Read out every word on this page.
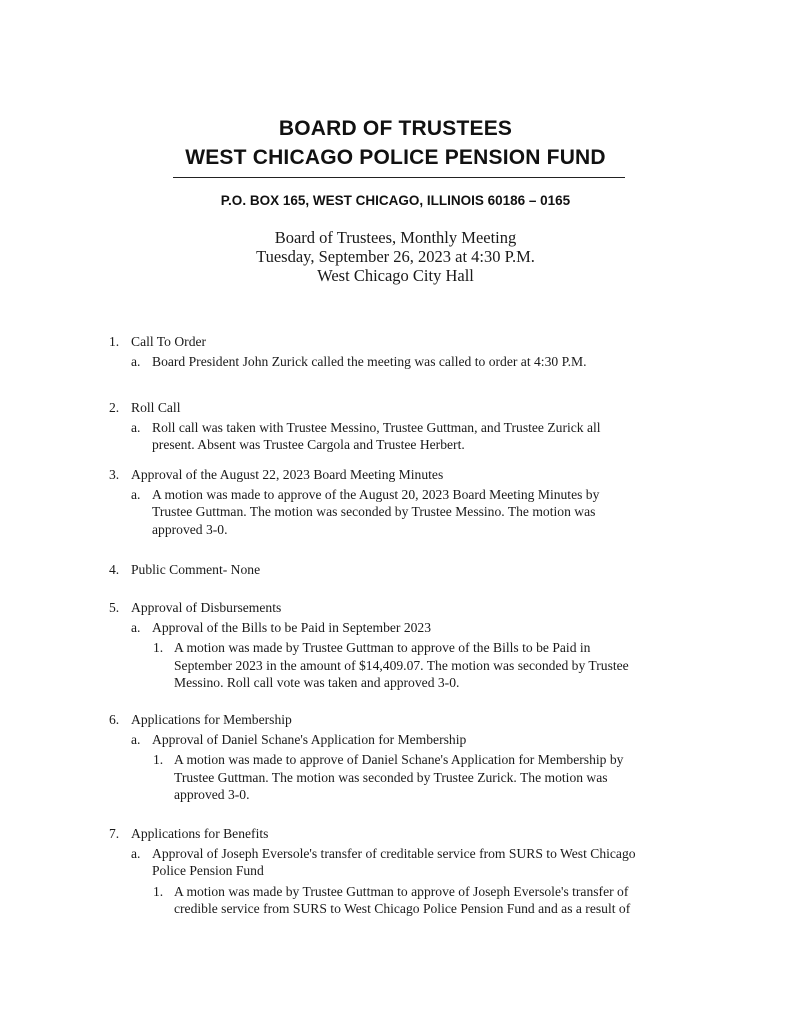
BOARD OF TRUSTEES
WEST CHICAGO POLICE PENSION FUND
P.O. BOX 165, WEST CHICAGO, ILLINOIS 60186 – 0165
Board of Trustees, Monthly Meeting
Tuesday, September 26, 2023 at 4:30 P.M.
West Chicago City Hall
1. Call To Order
a. Board President John Zurick called the meeting was called to order at 4:30 P.M.
2. Roll Call
a. Roll call was taken with Trustee Messino, Trustee Guttman, and Trustee Zurick all
present. Absent was Trustee Cargola and Trustee Herbert.
3. Approval of the August 22, 2023 Board Meeting Minutes
a. A motion was made to approve of the August 20, 2023 Board Meeting Minutes by
Trustee Guttman. The motion was seconded by Trustee Messino. The motion was
approved 3-0.
4. Public Comment- None
5. Approval of Disbursements
a. Approval of the Bills to be Paid in September 2023
1. A motion was made by Trustee Guttman to approve of the Bills to be Paid in
September 2023 in the amount of $14,409.07. The motion was seconded by Trustee
Messino. Roll call vote was taken and approved 3-0.
6. Applications for Membership
a. Approval of Daniel Schane's Application for Membership
1. A motion was made to approve of Daniel Schane's Application for Membership by
Trustee Guttman. The motion was seconded by Trustee Zurick. The motion was
approved 3-0.
7. Applications for Benefits
a. Approval of Joseph Eversole's transfer of creditable service from SURS to West Chicago
Police Pension Fund
1. A motion was made by Trustee Guttman to approve of Joseph Eversole's transfer of
credible service from SURS to West Chicago Police Pension Fund and as a result of
